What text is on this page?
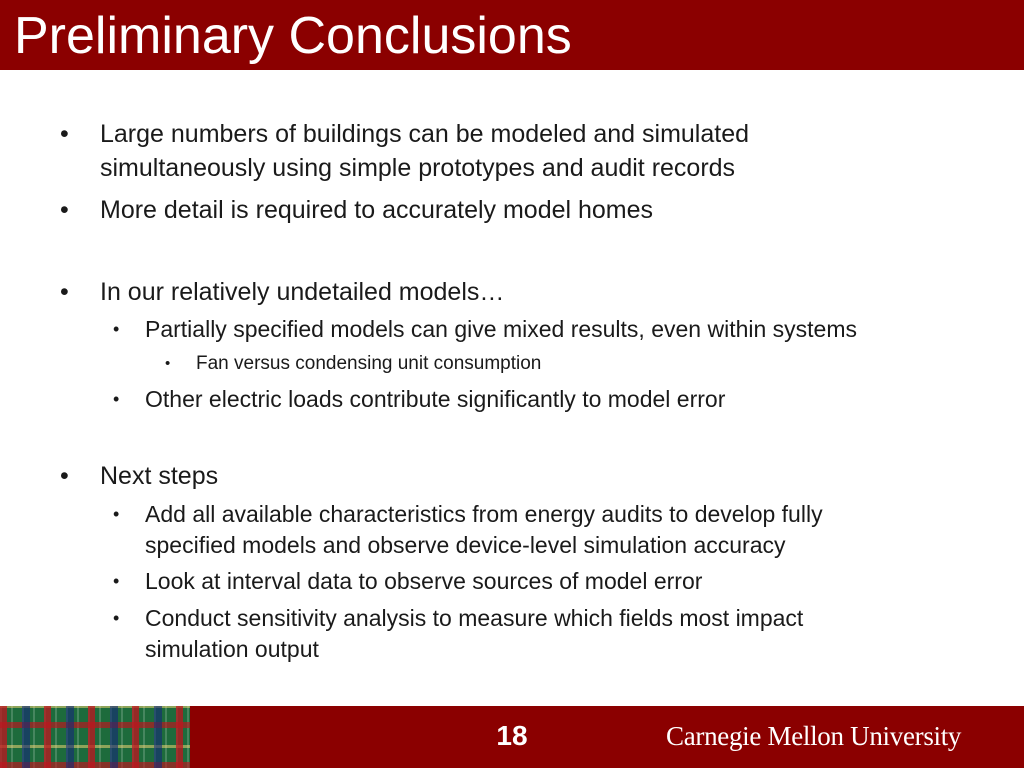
Preliminary Conclusions
• Large numbers of buildings can be modeled and simulated
simultaneously using simple prototypes and audit records
• More detail is required to accurately model homes
• In our relatively undetailed models…
• Partially specified models can give mixed results, even within systems
• Fan versus condensing unit consumption
• Other electric loads contribute significantly to model error
• Next steps
• Add all available characteristics from energy audits to develop fully
specified models and observe device-level simulation accuracy
• Look at interval data to observe sources of model error
• Conduct sensitivity analysis to measure which fields most impact
simulation output
18	Carnegie Mellon University
